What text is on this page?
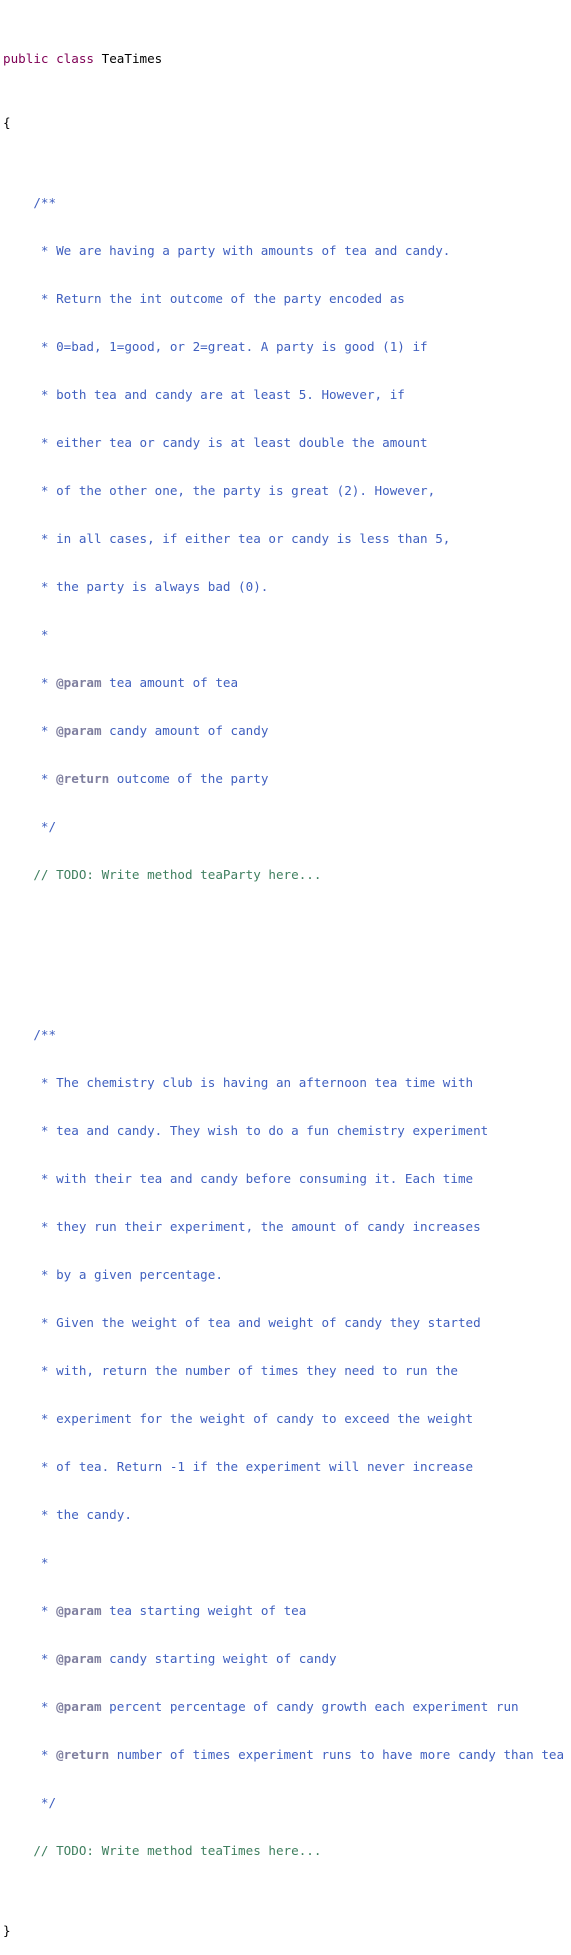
public class TeaTimes

{

/**

* We are having a party with amounts of tea and candy.

* Return the int outcome of the party encoded as

* 0=bad, 1=good, or 2=great. A party is good (1) if

* both tea and candy are at least 5. However, if

* either tea or candy is at least double the amount

* of the other one, the party is great (2). However,

* in all cases, if either tea or candy is less than 5,

* the party is always bad (0).

*

* @param tea amount of tea

* @param candy amount of candy

* @return outcome of the party

*/

// TODO: Write method teaParty here...

/**

* The chemistry club is having an afternoon tea time with

* tea and candy. They wish to do a fun chemistry experiment

* with their tea and candy before consuming it. Each time

* they run their experiment, the amount of candy increases

* by a given percentage.

* Given the weight of tea and weight of candy they started

* with, return the number of times they need to run the

* experiment for the weight of candy to exceed the weight

* of tea. Return -1 if the experiment will never increase

* the candy.

*

* @param tea starting weight of tea

* @param candy starting weight of candy

* @param percent percentage of candy growth each experiment run

* @return number of times experiment runs to have more candy than tea

*/

// TODO: Write method teaTimes here...

}
